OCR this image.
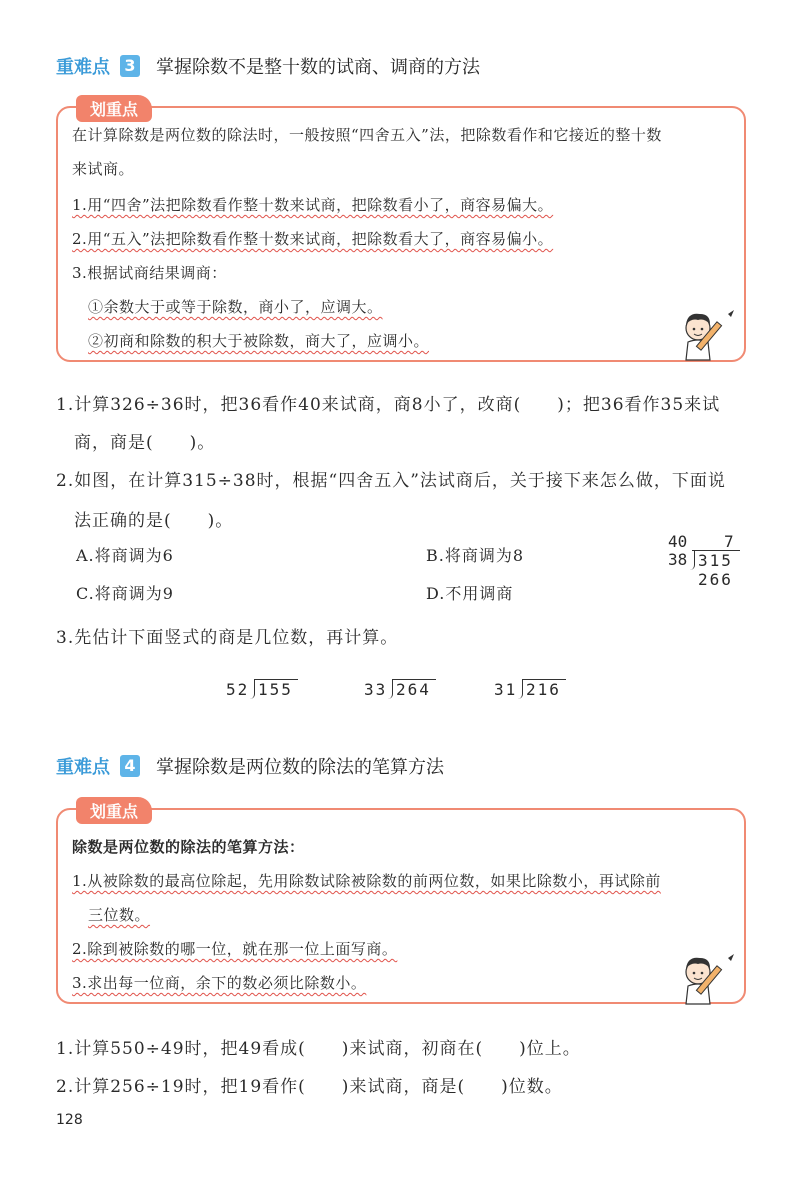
重难点 3 掌握除数不是整十数的试商、调商的方法
划重点
在计算除数是两位数的除法时，一般按照“四舍五入”法，把除数看作和它接近的整十数
来试商。
1.用“四舍”法把除数看作整十数来试商，把除数看小了，商容易偏大。
2.用“五入”法把除数看作整十数来试商，把除数看大了，商容易偏小。
3.根据试商结果调商：
①余数大于或等于除数，商小了，应调大。
②初商和除数的积大于被除数，商大了，应调小。
1.计算326÷36时，把36看作40来试商，商8小了，改商(　　)；把36看作35来试
商，商是(　　)。
2.如图，在计算315÷38时，根据“四舍五入”法试商后，关于接下来怎么做，下面说
法正确的是(　　)。
A.将商调为6	B.将商调为8
C.将商调为9	D.不用调商
40 7
38 315
266
3.先估计下面竖式的商是几位数，再计算。
52 155	33 264	31 216
重难点 4 掌握除数是两位数的除法的笔算方法
划重点
除数是两位数的除法的笔算方法：
1.从被除数的最高位除起，先用除数试除被除数的前两位数，如果比除数小，再试除前
三位数。
2.除到被除数的哪一位，就在那一位上面写商。
3.求出每一位商，余下的数必须比除数小。
1.计算550÷49时，把49看成(　　)来试商，初商在(　　)位上。
2.计算256÷19时，把19看作(　　)来试商，商是(　　)位数。
128
